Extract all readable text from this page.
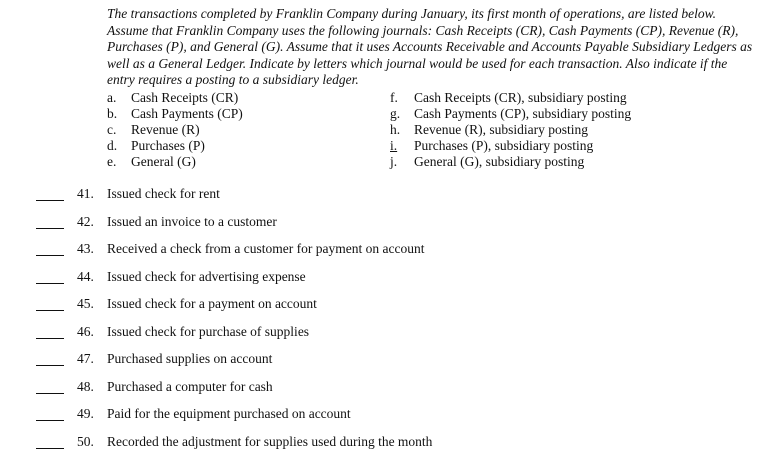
The transactions completed by Franklin Company during January, its first month of operations, are listed below. Assume that Franklin Company uses the following journals: Cash Receipts (CR), Cash Payments (CP), Revenue (R), Purchases (P), and General (G). Assume that it uses Accounts Receivable and Accounts Payable Subsidiary Ledgers as well as a General Ledger. Indicate by letters which journal would be used for each transaction. Also indicate if the entry requires a posting to a subsidiary ledger.

a.	Cash Receipts (CR)
b.	Cash Payments (CP)
c.	Revenue (R)
d.	Purchases (P)
e.	General (G)
f.	Cash Receipts (CR), subsidiary posting
g.	Cash Payments (CP), subsidiary posting
h.	Revenue (R), subsidiary posting
i.	Purchases (P), subsidiary posting
j.	General (G), subsidiary posting
41. Issued check for rent
42. Issued an invoice to a customer
43. Received a check from a customer for payment on account
44. Issued check for advertising expense
45. Issued check for a payment on account
46. Issued check for purchase of supplies
47. Purchased supplies on account
48. Purchased a computer for cash
49. Paid for the equipment purchased on account
50. Recorded the adjustment for supplies used during the month
